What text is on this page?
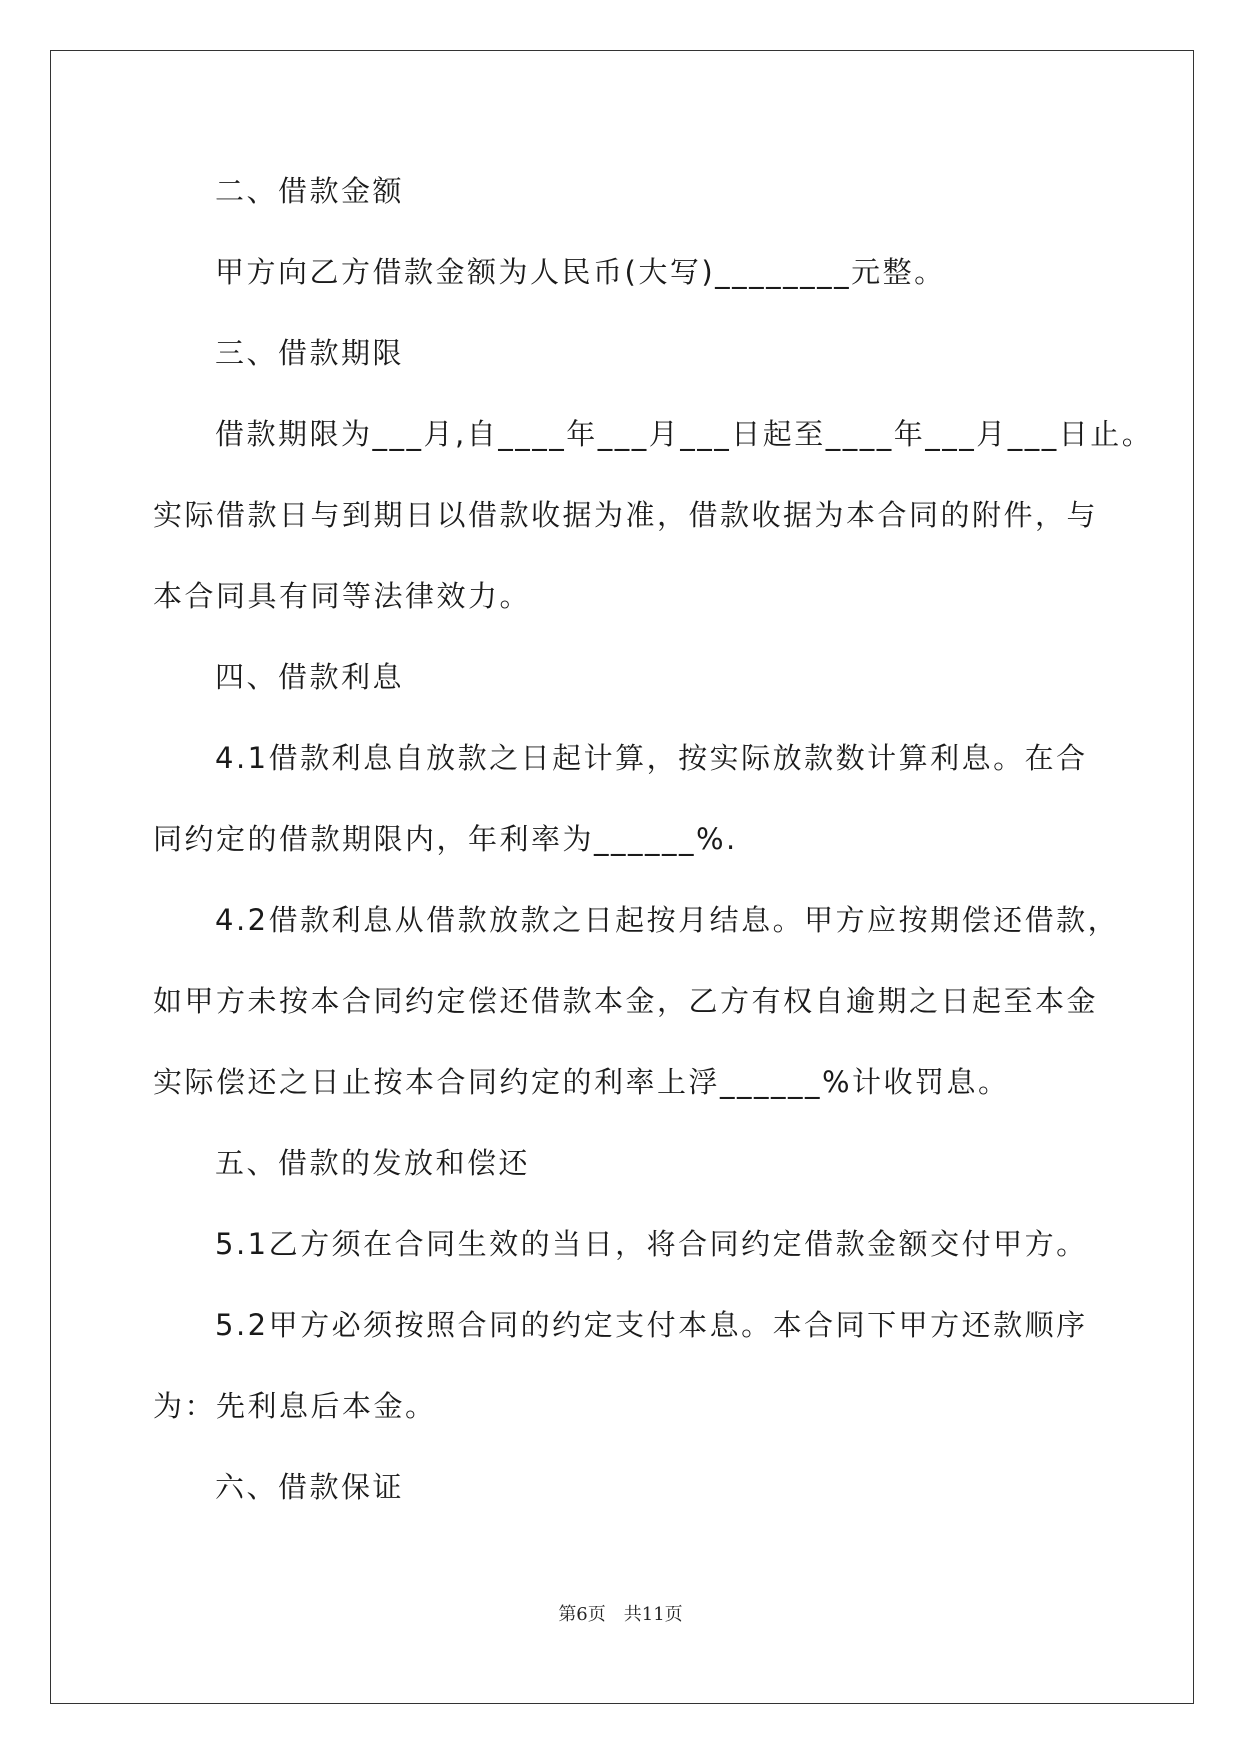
二、借款金额
甲方向乙方借款金额为人民币(大写)________元整。
三、借款期限
借款期限为___月,自____年___月___日起至____年___月___日止。
实际借款日与到期日以借款收据为准，借款收据为本合同的附件，与
本合同具有同等法律效力。
四、借款利息
4.1借款利息自放款之日起计算，按实际放款数计算利息。在合
同约定的借款期限内，年利率为______%.
4.2借款利息从借款放款之日起按月结息。甲方应按期偿还借款，
如甲方未按本合同约定偿还借款本金，乙方有权自逾期之日起至本金
实际偿还之日止按本合同约定的利率上浮______%计收罚息。
五、借款的发放和偿还
5.1乙方须在合同生效的当日，将合同约定借款金额交付甲方。
5.2甲方必须按照合同的约定支付本息。本合同下甲方还款顺序
为：先利息后本金。
六、借款保证
第6页　共11页
